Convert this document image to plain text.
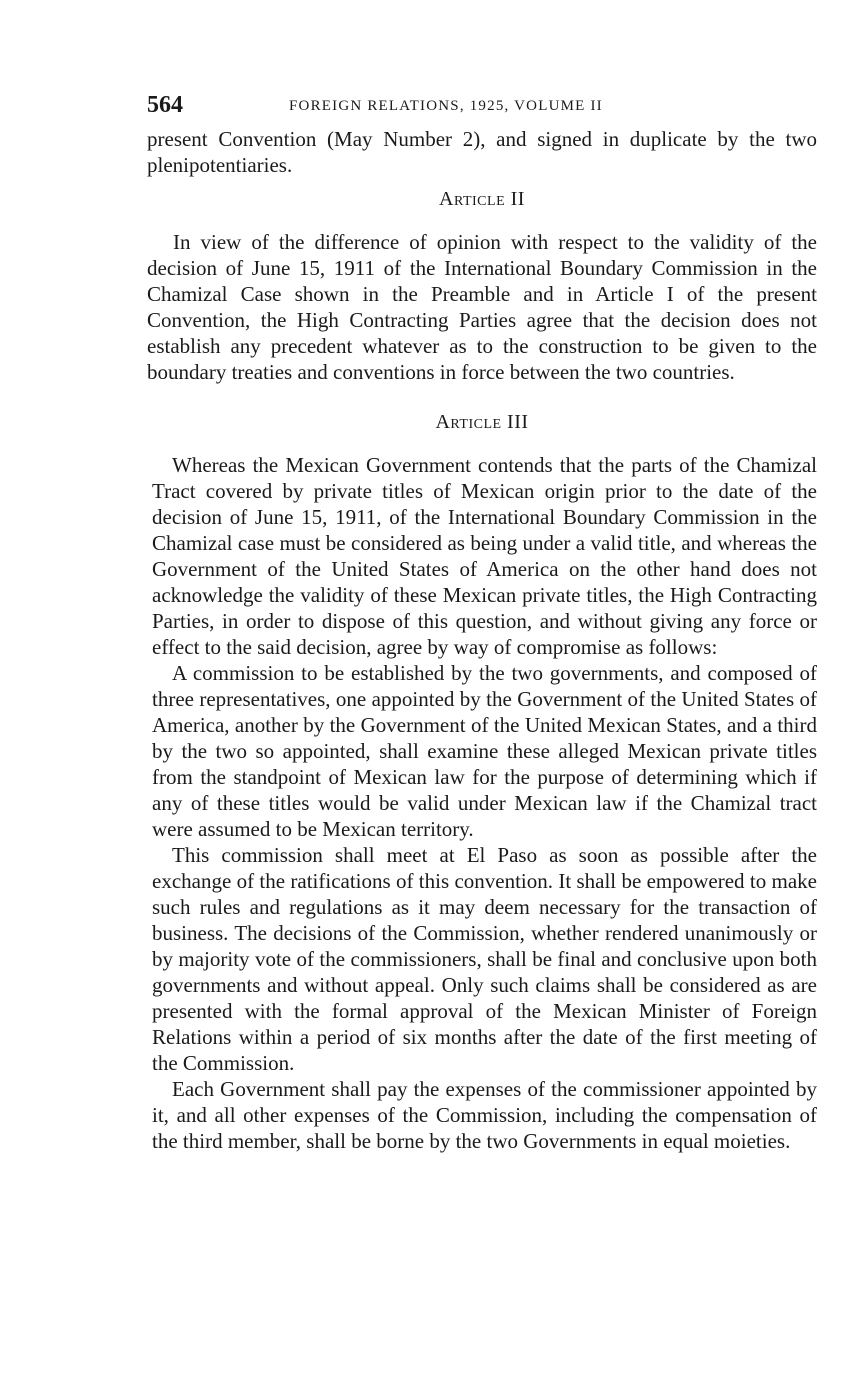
564	FOREIGN RELATIONS, 1925, VOLUME II

present Convention (May Number 2), and signed in duplicate by the two plenipotentiaries.

Article II

In view of the difference of opinion with respect to the validity of the decision of June 15, 1911 of the International Boundary Commission in the Chamizal Case shown in the Preamble and in Article I of the present Convention, the High Contracting Parties agree that the decision does not establish any precedent whatever as to the construction to be given to the boundary treaties and conventions in force between the two countries.

Article III

Whereas the Mexican Government contends that the parts of the Chamizal Tract covered by private titles of Mexican origin prior to the date of the decision of June 15, 1911, of the International Boundary Commission in the Chamizal case must be considered as being under a valid title, and whereas the Government of the United States of America on the other hand does not acknowledge the validity of these Mexican private titles, the High Contracting Parties, in order to dispose of this question, and without giving any force or effect to the said decision, agree by way of compromise as follows:

A commission to be established by the two governments, and composed of three representatives, one appointed by the Government of the United States of America, another by the Government of the United Mexican States, and a third by the two so appointed, shall examine these alleged Mexican private titles from the standpoint of Mexican law for the purpose of determining which if any of these titles would be valid under Mexican law if the Chamizal tract were assumed to be Mexican territory.

This commission shall meet at El Paso as soon as possible after the exchange of the ratifications of this convention. It shall be empowered to make such rules and regulations as it may deem necessary for the transaction of business. The decisions of the Commission, whether rendered unanimously or by majority vote of the commissioners, shall be final and conclusive upon both governments and without appeal. Only such claims shall be considered as are presented with the formal approval of the Mexican Minister of Foreign Relations within a period of six months after the date of the first meeting of the Commission.

Each Government shall pay the expenses of the commissioner appointed by it, and all other expenses of the Commission, including the compensation of the third member, shall be borne by the two Governments in equal moieties.
